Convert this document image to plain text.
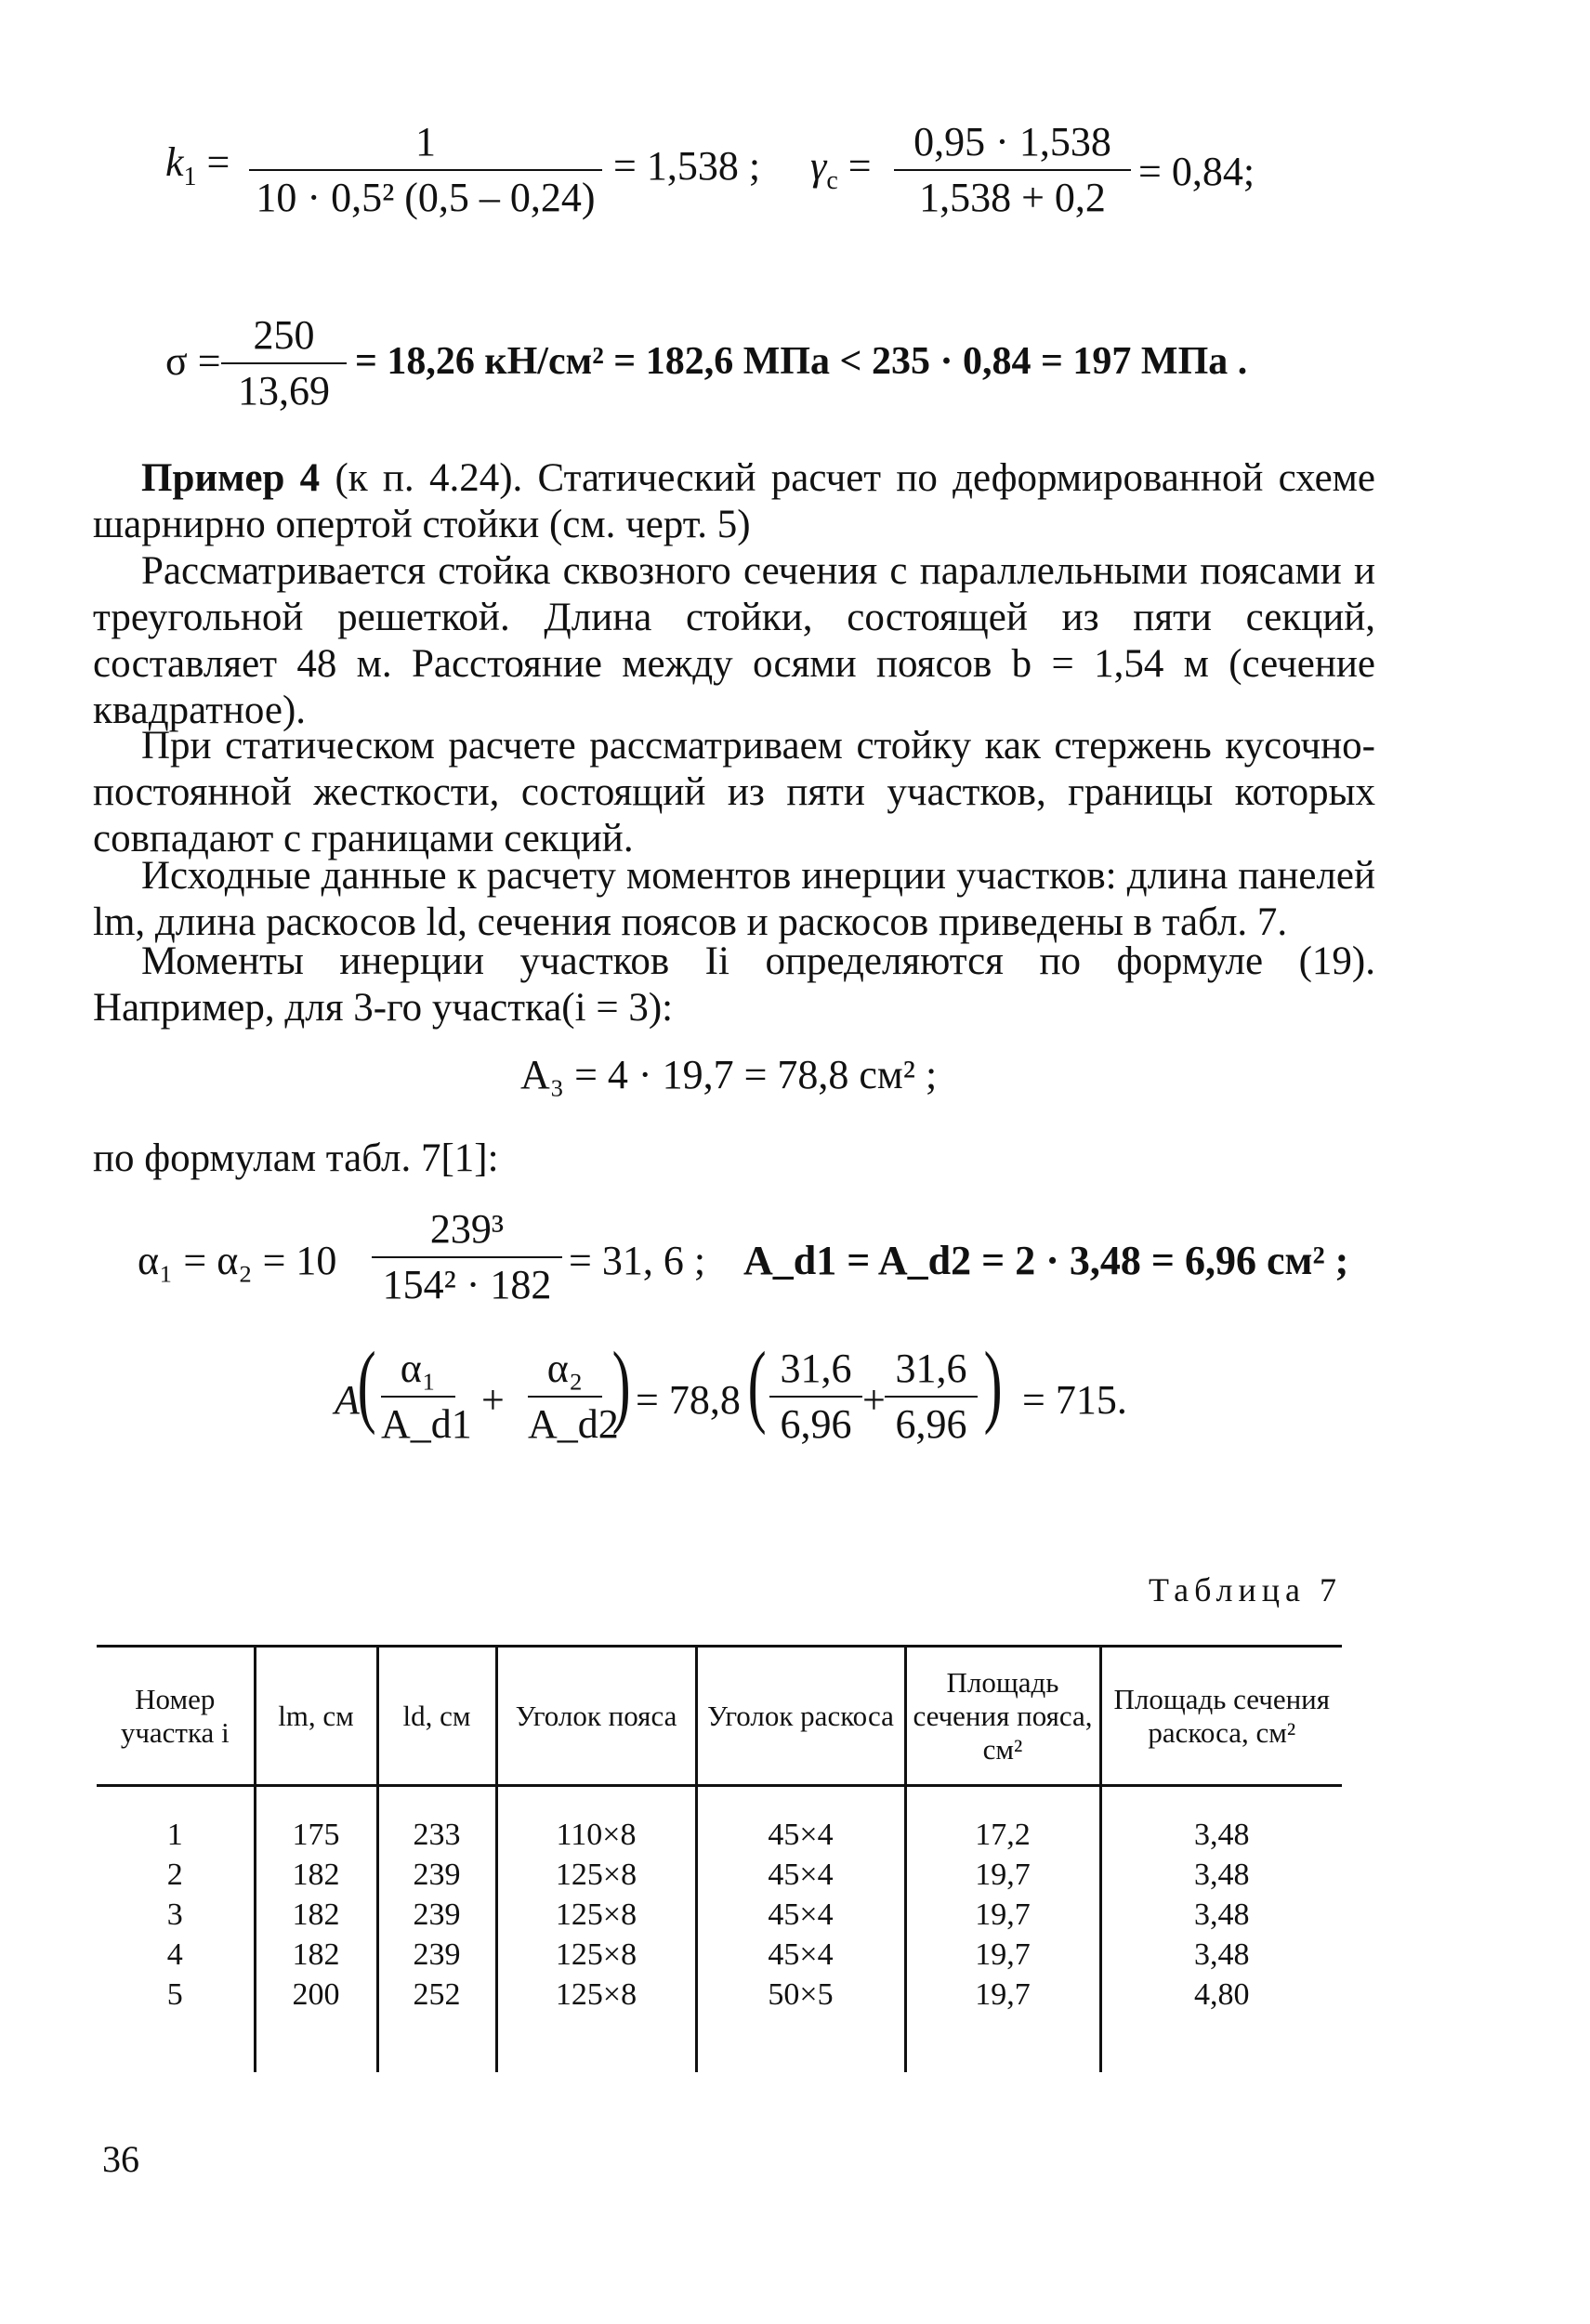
$k_1 = \frac{1}{\text{10 · 0,5² (0,5 – 0,24)}} = 1,538$ ; $\gamma_c = \frac{0,95 \cdot 1,538}{1,538 + 0,2} = 0,84$;
$\sigma = \frac{250}{13,69} = 18,26$ кН/см² = 182,6 МПа < 235 · 0,84 = 197 МПа .
Пример 4 (к п. 4.24). Статический расчет по деформированной схеме шарнирно опертой стойки (см. черт. 5)
Рассматривается стойка сквозного сечения с параллельными поясами и треугольной решеткой. Длина стойки, состоящей из пяти секций, составляет 48 м. Расстояние между осями поясов b = 1,54 м (сечение квадратное).
При статическом расчете рассматриваем стойку как стержень кусочно-постоянной жесткости, состоящий из пяти участков, границы которых совпадают с границами секций.
Исходные данные к расчету моментов инерции участков: длина панелей lm, длина раскосов ld, сечения поясов и раскосов приведены в табл. 7.
Моменты инерции участков Ii определяются по формуле (19). Например, для 3-го участка(i = 3):
A₃ = 4 · 19,7 = 78,8 см² ;
по формулам табл. 7[1]:
$\alpha_1 = \alpha_2 = 10 \frac{\text{239³}}{\text{154² · 182}} = 31$, 6 ; A_d1 = A_d2 = 2 · 3,48 = 6,96 см² ;
A
( $\frac{\text{α₁}}{A\_d1} + \frac{\text{α₂}}{A\_d2}$ ) = 78,8 ( $\frac{31,6}{6,96} + \frac{31,6}{6,96}$ ) = 715.
Таблица 7
Номер участка i	lm, см	ld, см	Уголок пояса	Уголок раскоса	Площадь сечения пояса, см²	Площадь сечения раскоса, см²
1	175	233	110×8	45×4	17,2	3,48
2	182	239	125×8	45×4	19,7	3,48
3	182	239	125×8	45×4	19,7	3,48
4	182	239	125×8	45×4	19,7	3,48
5	200	252	125×8	50×5	19,7	4,80
36
